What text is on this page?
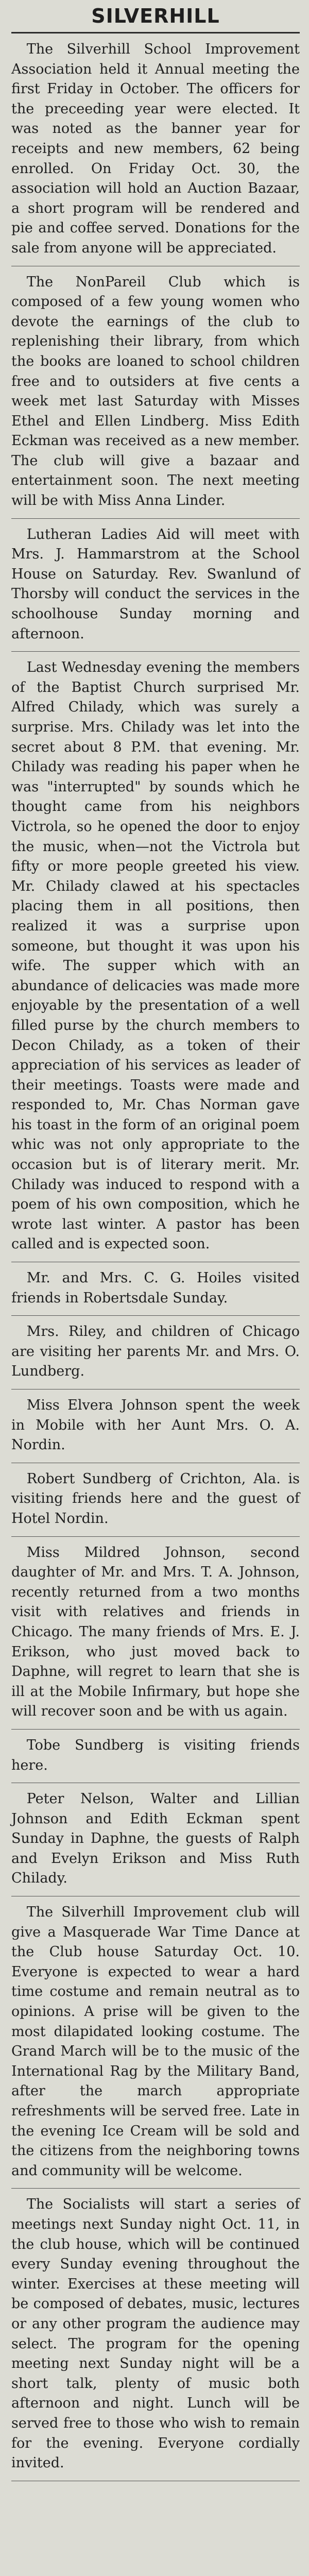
SILVERHILL

The Silverhill School Improvement Association held it Annual meeting the first Friday in October. The officers for the preceeding year were elected. It was noted as the banner year for receipts and new members, 62 being enrolled. On Friday Oct. 30, the association will hold an Auction Bazaar, a short program will be rendered and pie and coffee served. Donations for the sale from anyone will be appreciated.

The NonPareil Club which is composed of a few young women who devote the earnings of the club to replenishing their library, from which the books are loaned to school children free and to outsiders at five cents a week met last Saturday with Misses Ethel and Ellen Lindberg. Miss Edith Eckman was received as a new member. The club will give a bazaar and entertainment soon. The next meeting will be with Miss Anna Linder.

Lutheran Ladies Aid will meet with Mrs. J. Hammarstrom at the School House on Saturday. Rev. Swanlund of Thorsby will conduct the services in the schoolhouse Sunday morning and afternoon.

Last Wednesday evening the members of the Baptist Church surprised Mr. Alfred Chilady, which was surely a surprise. Mrs. Chilady was let into the secret about 8 P.M. that evening. Mr. Chilady was reading his paper when he was "interrupted" by sounds which he thought came from his neighbors Victrola, so he opened the door to enjoy the music, when—not the Victrola but fifty or more people greeted his view. Mr. Chilady clawed at his spectacles placing them in all positions, then realized it was a surprise upon someone, but thought it was upon his wife. The supper which with an abundance of delicacies was made more enjoyable by the presentation of a well filled purse by the church members to Decon Chilady, as a token of their appreciation of his services as leader of their meetings. Toasts were made and responded to, Mr. Chas Norman gave his toast in the form of an original poem whic was not only appropriate to the occasion but is of literary merit. Mr. Chilady was induced to respond with a poem of his own composition, which he wrote last winter. A pastor has been called and is expected soon.

Mr. and Mrs. C. G. Hoiles visited friends in Robertsdale Sunday.

Mrs. Riley, and children of Chicago are visiting her parents Mr. and Mrs. O. Lundberg.

Miss Elvera Johnson spent the week in Mobile with her Aunt Mrs. O. A. Nordin.

Robert Sundberg of Crichton, Ala. is visiting friends here and the guest of Hotel Nordin.

Miss Mildred Johnson, second daughter of Mr. and Mrs. T. A. Johnson, recently returned from a two months visit with relatives and friends in Chicago. The many friends of Mrs. E. J. Erikson, who just moved back to Daphne, will regret to learn that she is ill at the Mobile Infirmary, but hope she will recover soon and be with us again.

Tobe Sundberg is visiting friends here.

Peter Nelson, Walter and Lillian Johnson and Edith Eckman spent Sunday in Daphne, the guests of Ralph and Evelyn Erikson and Miss Ruth Chilady.

The Silverhill Improvement club will give a Masquerade War Time Dance at the Club house Saturday Oct. 10. Everyone is expected to wear a hard time costume and remain neutral as to opinions. A prise will be given to the most dilapidated looking costume. The Grand March will be to the music of the International Rag by the Military Band, after the march appropriate refreshments will be served free. Late in the evening Ice Cream will be sold and the citizens from the neighboring towns and community will be welcome.

The Socialists will start a series of meetings next Sunday night Oct. 11, in the club house, which will be continued every Sunday evening throughout the winter. Exercises at these meeting will be composed of debates, music, lectures or any other program the audience may select. The program for the opening meeting next Sunday night will be a short talk, plenty of music both afternoon and night. Lunch will be served free to those who wish to remain for the evening. Everyone cordially invited.
